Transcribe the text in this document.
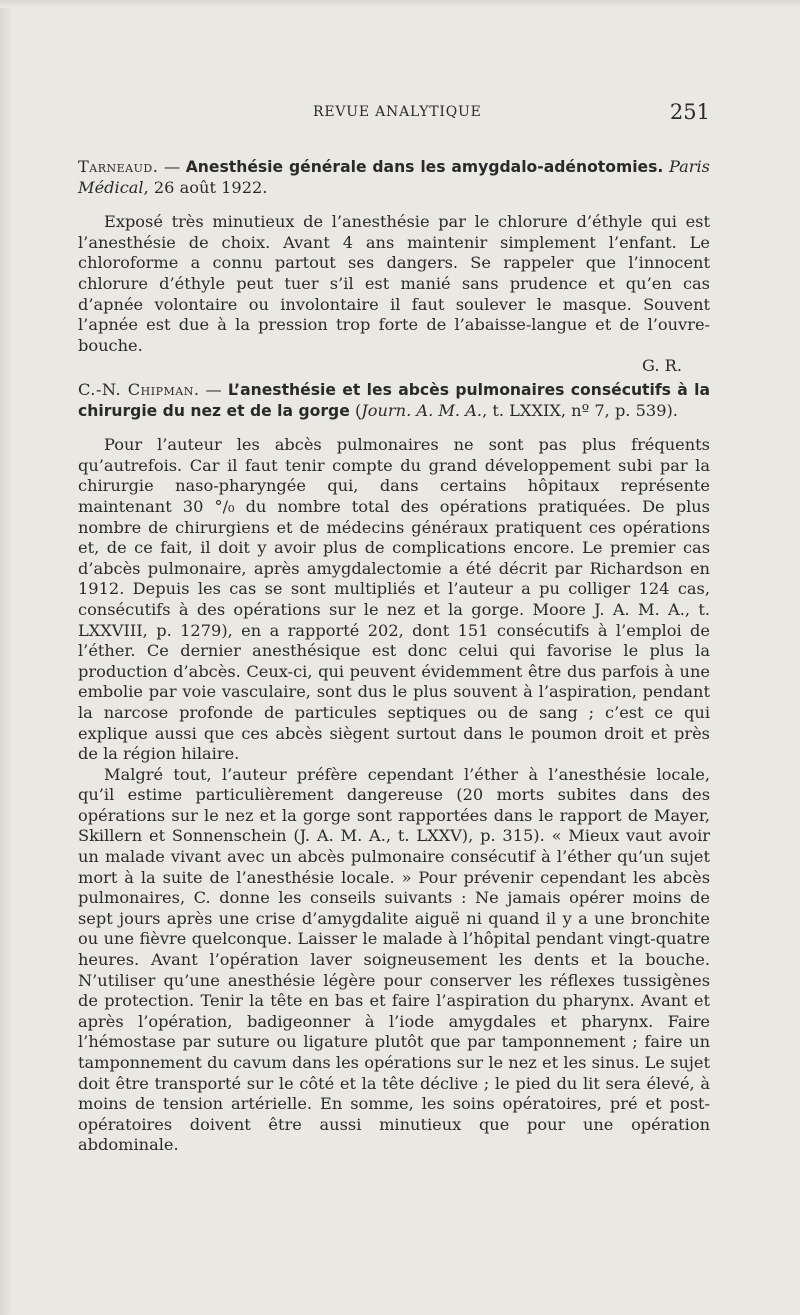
REVUE ANALYTIQUE	251

Tarneaud. — Anesthésie générale dans les amygdalo-adénotomies. Paris Médical, 26 août 1922.

Exposé très minutieux de l’anesthésie par le chlorure d’éthyle qui est l’anesthésie de choix. Avant 4 ans maintenir simplement l’enfant. Le chloroforme a connu partout ses dangers. Se rappeler que l’innocent chlorure d’éthyle peut tuer s’il est manié sans prudence et qu’en cas d’apnée volontaire ou involontaire il faut soulever le masque. Souvent l’apnée est due à la pression trop forte de l’abaisse-langue et de l’ouvre-bouche.

G. R.

C.-N. Chipman. — L’anesthésie et les abcès pulmonaires consécutifs à la chirurgie du nez et de la gorge (Journ. A. M. A., t. LXXIX, nº 7, p. 539).

Pour l’auteur les abcès pulmonaires ne sont pas plus fréquents qu’autrefois. Car il faut tenir compte du grand développement subi par la chirurgie naso-pharyngée qui, dans certains hôpitaux représente maintenant 30 °/₀ du nombre total des opérations pratiquées. De plus nombre de chirurgiens et de médecins généraux pratiquent ces opérations et, de ce fait, il doit y avoir plus de complications encore. Le premier cas d’abcès pulmonaire, après amygdalectomie a été décrit par Richardson en 1912. Depuis les cas se sont multipliés et l’auteur a pu colliger 124 cas, consécutifs à des opérations sur le nez et la gorge. Moore J. A. M. A., t. LXXVIII, p. 1279), en a rapporté 202, dont 151 consécutifs à l’emploi de l’éther. Ce dernier anesthésique est donc celui qui favorise le plus la production d’abcès. Ceux-ci, qui peuvent évidemment être dus parfois à une embolie par voie vasculaire, sont dus le plus souvent à l’aspiration, pendant la narcose profonde de particules septiques ou de sang ; c’est ce qui explique aussi que ces abcès siègent surtout dans le poumon droit et près de la région hilaire.

Malgré tout, l’auteur préfère cependant l’éther à l’anesthésie locale, qu’il estime particulièrement dangereuse (20 morts subites dans des opérations sur le nez et la gorge sont rapportées dans le rapport de Mayer, Skillern et Sonnenschein (J. A. M. A., t. LXXV), p. 315). « Mieux vaut avoir un malade vivant avec un abcès pulmonaire consécutif à l’éther qu’un sujet mort à la suite de l’anesthésie locale. » Pour prévenir cependant les abcès pulmonaires, C. donne les conseils suivants : Ne jamais opérer moins de sept jours après une crise d’amygdalite aiguë ni quand il y a une bronchite ou une fièvre quelconque. Laisser le malade à l’hôpital pendant vingt-quatre heures. Avant l’opération laver soigneusement les dents et la bouche. N’utiliser qu’une anesthésie légère pour conserver les réflexes tussigènes de protection. Tenir la tête en bas et faire l’aspiration du pharynx. Avant et après l’opération, badigeonner à l’iode amygdales et pharynx. Faire l’hémostase par suture ou ligature plutôt que par tamponnement ; faire un tamponnement du cavum dans les opérations sur le nez et les sinus. Le sujet doit être transporté sur le côté et la tête déclive ; le pied du lit sera élevé, à moins de tension artérielle. En somme, les soins opératoires, pré et post-opératoires doivent être aussi minutieux que pour une opération abdominale.
